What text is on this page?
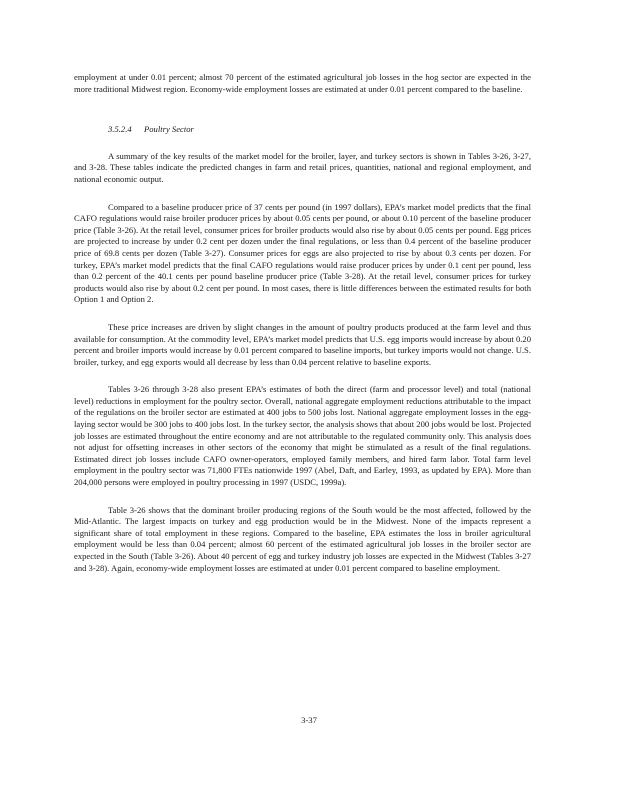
employment at under 0.01 percent; almost 70 percent of the estimated agricultural job losses in the hog sector are expected in the more traditional Midwest region. Economy-wide employment losses are estimated at under 0.01 percent compared to the baseline.

3.5.2.4 Poultry Sector

A summary of the key results of the market model for the broiler, layer, and turkey sectors is shown in Tables 3-26, 3-27, and 3-28. These tables indicate the predicted changes in farm and retail prices, quantities, national and regional employment, and national economic output.

Compared to a baseline producer price of 37 cents per pound (in 1997 dollars), EPA’s market model predicts that the final CAFO regulations would raise broiler producer prices by about 0.05 cents per pound, or about 0.10 percent of the baseline producer price (Table 3-26). At the retail level, consumer prices for broiler products would also rise by about 0.05 cents per pound. Egg prices are projected to increase by under 0.2 cent per dozen under the final regulations, or less than 0.4 percent of the baseline producer price of 69.8 cents per dozen (Table 3-27). Consumer prices for eggs are also projected to rise by about 0.3 cents per dozen. For turkey, EPA’s market model predicts that the final CAFO regulations would raise producer prices by under 0.1 cent per pound, less than 0.2 percent of the 40.1 cents per pound baseline producer price (Table 3-28). At the retail level, consumer prices for turkey products would also rise by about 0.2 cent per pound. In most cases, there is little differences between the estimated results for both Option 1 and Option 2.

These price increases are driven by slight changes in the amount of poultry products produced at the farm level and thus available for consumption. At the commodity level, EPA’s market model predicts that U.S. egg imports would increase by about 0.20 percent and broiler imports would increase by 0.01 percent compared to baseline imports, but turkey imports would not change. U.S. broiler, turkey, and egg exports would all decrease by less than 0.04 percent relative to baseline exports.

Tables 3-26 through 3-28 also present EPA’s estimates of both the direct (farm and processor level) and total (national level) reductions in employment for the poultry sector. Overall, national aggregate employment reductions attributable to the impact of the regulations on the broiler sector are estimated at 400 jobs to 500 jobs lost. National aggregate employment losses in the egg-laying sector would be 300 jobs to 400 jobs lost. In the turkey sector, the analysis shows that about 200 jobs would be lost. Projected job losses are estimated throughout the entire economy and are not attributable to the regulated community only. This analysis does not adjust for offsetting increases in other sectors of the economy that might be stimulated as a result of the final regulations. Estimated direct job losses include CAFO owner-operators, employed family members, and hired farm labor. Total farm level employment in the poultry sector was 71,800 FTEs nationwide 1997 (Abel, Daft, and Earley, 1993, as updated by EPA). More than 204,000 persons were employed in poultry processing in 1997 (USDC, 1999a).

Table 3-26 shows that the dominant broiler producing regions of the South would be the most affected, followed by the Mid-Atlantic. The largest impacts on turkey and egg production would be in the Midwest. None of the impacts represent a significant share of total employment in these regions. Compared to the baseline, EPA estimates the loss in broiler agricultural employment would be less than 0.04 percent; almost 60 percent of the estimated agricultural job losses in the broiler sector are expected in the South (Table 3-26). About 40 percent of egg and turkey industry job losses are expected in the Midwest (Tables 3-27 and 3-28). Again, economy-wide employment losses are estimated at under 0.01 percent compared to baseline employment.

3-37
